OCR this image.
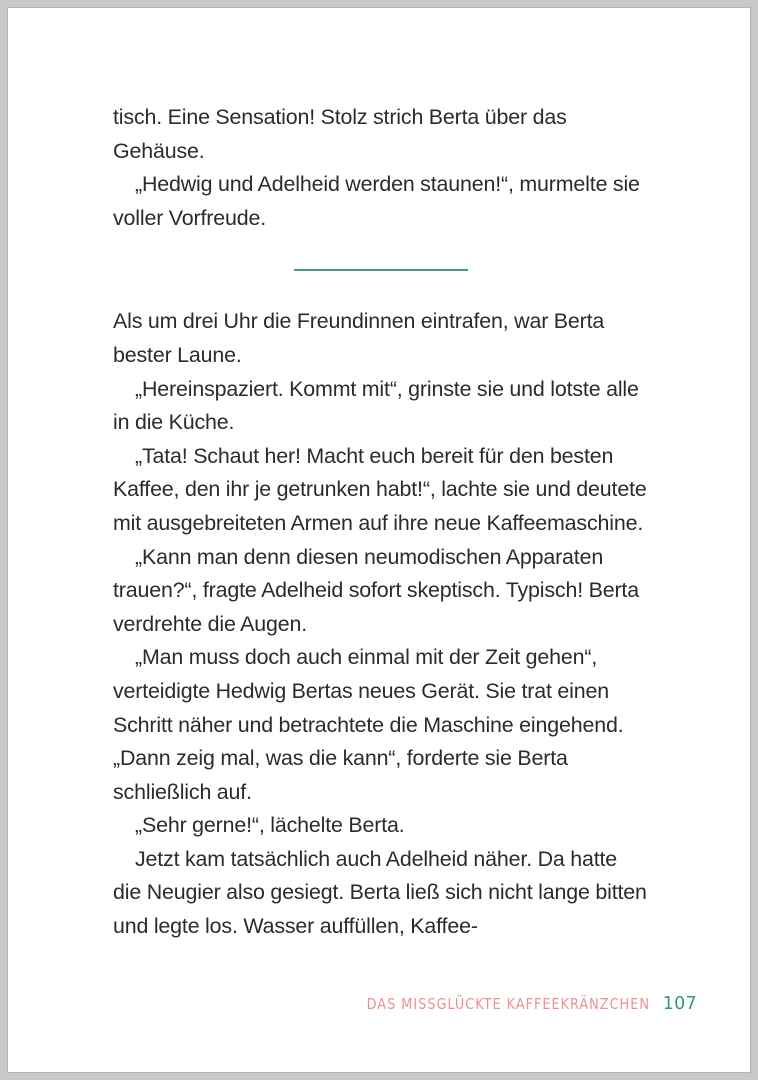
tisch. Eine Sensation! Stolz strich Berta über das Gehäuse.

„Hedwig und Adelheid werden staunen!“, murmelte sie voller Vorfreude.

Als um drei Uhr die Freundinnen eintrafen, war Berta bester Laune.

„Hereinspaziert. Kommt mit“, grinste sie und lotste alle in die Küche.

„Tata! Schaut her! Macht euch bereit für den besten Kaffee, den ihr je getrunken habt!“, lachte sie und deutete mit ausgebreiteten Armen auf ihre neue Kaffeemaschine.

„Kann man denn diesen neumodischen Apparaten trauen?“, fragte Adelheid sofort skeptisch. Typisch! Berta verdrehte die Augen.

„Man muss doch auch einmal mit der Zeit gehen“, verteidigte Hedwig Bertas neues Gerät. Sie trat einen Schritt näher und betrachtete die Maschine eingehend. „Dann zeig mal, was die kann“, forderte sie Berta schließlich auf.

„Sehr gerne!“, lächelte Berta.

Jetzt kam tatsächlich auch Adelheid näher. Da hatte die Neugier also gesiegt. Berta ließ sich nicht lange bitten und legte los. Wasser auffüllen, Kaffee-

DAS MISSGLÜCKTE KAFFEEKRÄNZCHEN 107
